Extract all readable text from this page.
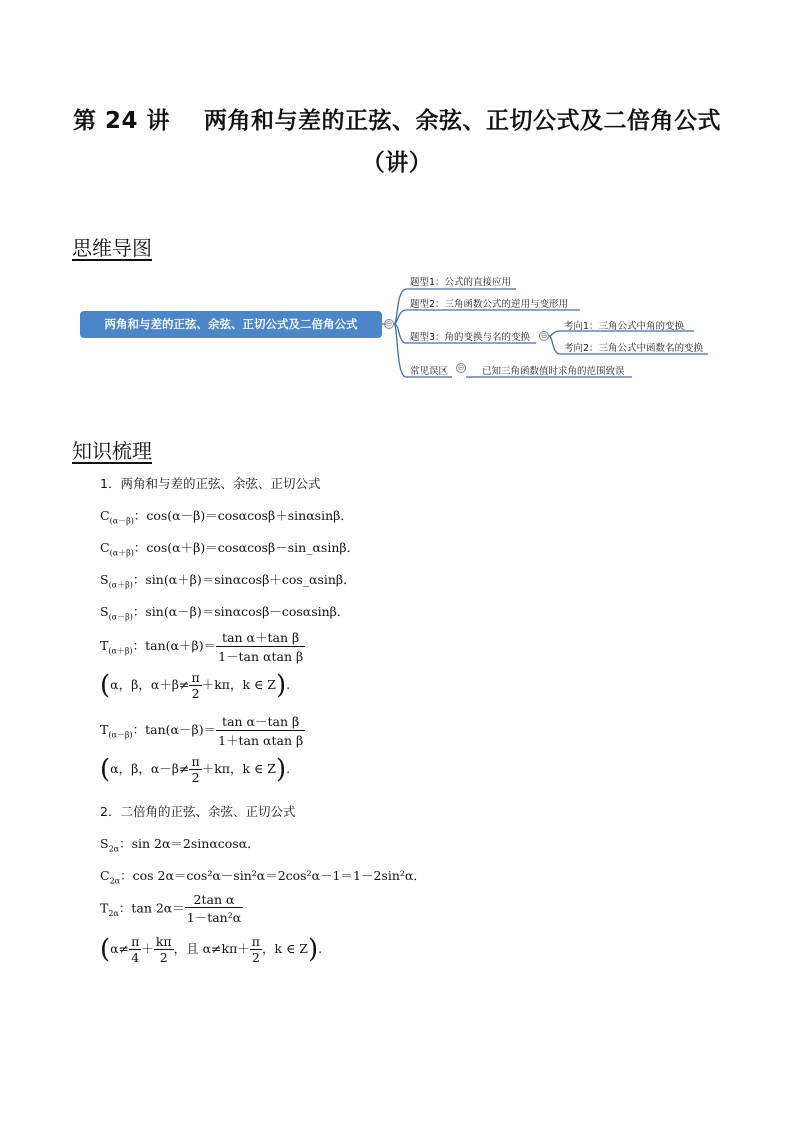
第 24 讲 两角和与差的正弦、余弦、正切公式及二倍角公式
（讲）
思维导图
两角和与差的正弦、余弦、正切公式及二倍角公式	⊖
题型1：公式的直接应用
题型2：三角函数公式的逆用与变形用
题型3：角的变换与名的变换 ⊖
考向1：三角公式中角的变换
考向2：三角公式中函数名的变换
常见误区 ⊖ 已知三角函数值时求角的范围致误
知识梳理
1．两角和与差的正弦、余弦、正切公式
$C_{(\alpha-\beta)}$：cos(α－β)＝cosαcosβ＋sinαsinβ．
$C_{(\alpha+\beta)}$：cos(α＋β)＝cosαcosβ－sin_αsinβ．
$S_{(\alpha+\beta)}$：sin(α＋β)＝sinαcosβ＋cos_αsinβ．
$S_{(\alpha-\beta)}$：sin(α－β)＝sinαcosβ－cosαsinβ．
$T_{(\alpha+\beta)}$：$\tan(\alpha+\beta)= \frac{\text{tan α＋tan β}}{\text{1－tan αtan β}}$
(α，β，$\alpha+\beta\ne \frac{\pi}{2} +k\pi$，k ∈ Z).
$T_{(\alpha-\beta)}$：$\tan(\alpha-\beta)= \frac{\text{tan α－tan β}}{\text{1＋tan αtan β}}$
(α，β，$\alpha-\beta\ne \frac{\pi}{2} +k\pi$，k ∈ Z).
2．二倍角的正弦、余弦、正切公式
$S_{2\alpha}$：sin 2α＝2sinαcosα．
$C_{2\alpha}$：cos 2α＝cos²α－sin²α＝2cos²α－1＝1－2sin²α．
$T_{2\alpha}$：$\tan 2\alpha= \frac{\text{2tan α}}{\text{1－tan²α}}$
($\alpha\ne \frac{\pi}{4} + \frac{k\pi}{2}$ ，且 $\alpha\ne k\pi+ \frac{\pi}{2}$ ，k ∈ Z).
